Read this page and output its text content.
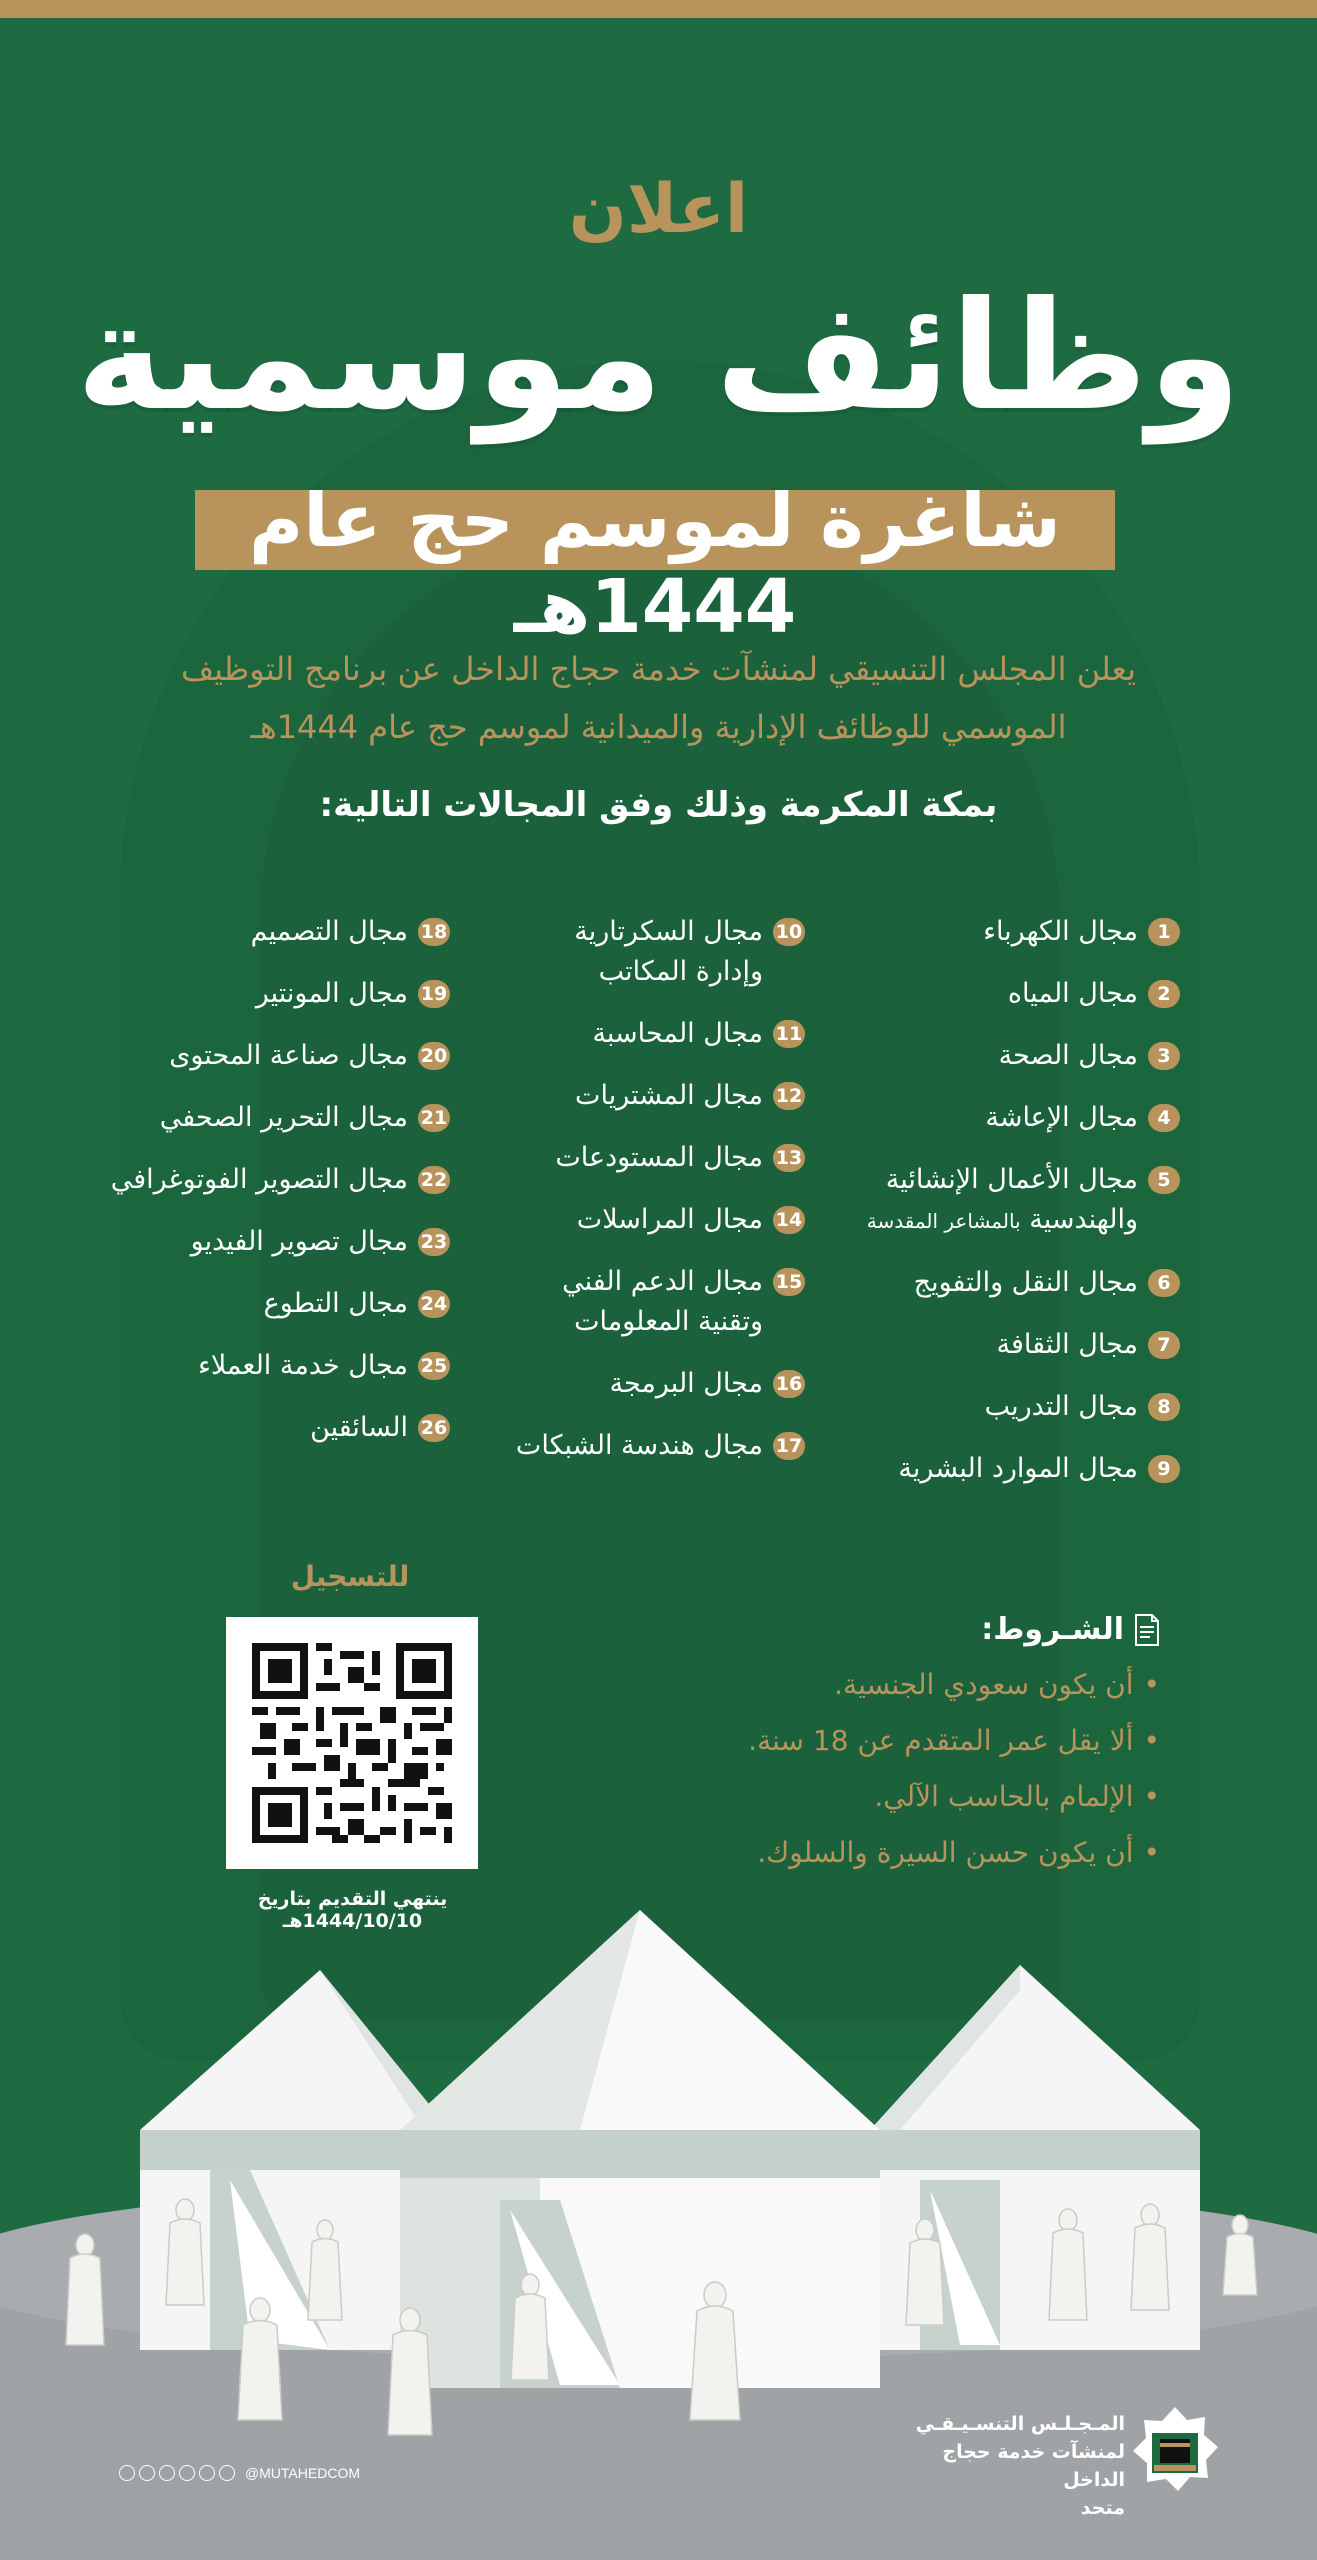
اعلان
وظائف موسمية
شاغرة لموسم حج عام 1444هـ
يعلن المجلس التنسيقي لمنشآت خدمة حجاج الداخل عن برنامج التوظيف
الموسمي للوظائف الإدارية والميدانية لموسم حج عام 1444هـ
بمكة المكرمة وذلك وفق المجالات التالية:
1
مجال الكهرباء
2
مجال المياه
3
مجال الصحة
4
مجال الإعاشة
5
مجال الأعمال الإنشائية
والهندسية بالمشاعر المقدسة
6
مجال النقل والتفويج
7
مجال الثقافة
8
مجال التدريب
9
مجال الموارد البشرية
10
مجال السكرتارية
وإدارة المكاتب
11
مجال المحاسبة
12
مجال المشتريات
13
مجال المستودعات
14
مجال المراسلات
15
مجال الدعم الفني
وتقنية المعلومات
16
مجال البرمجة
17
مجال هندسة الشبكات
18
مجال التصميم
19
مجال المونتير
20
مجال صناعة المحتوى
21
مجال التحرير الصحفي
22
مجال التصوير الفوتوغرافي
23
مجال تصوير الفيديو
24
مجال التطوع
25
مجال خدمة العملاء
26
السائقين
للتسجيل
ينتهي التقديم بتاريخ 1444/10/10هـ
الشـروط:
•
أن يكون سعودي الجنسية.
•
ألا يقل عمر المتقدم عن 18 سنة.
•
الإلمام بالحاسب الآلي.
•
أن يكون حسن السيرة والسلوك.
المـجـلـس التنسـيـقـي
لمنشآت خدمة حجاج الداخل
متحد
@MUTAHEDCOM
